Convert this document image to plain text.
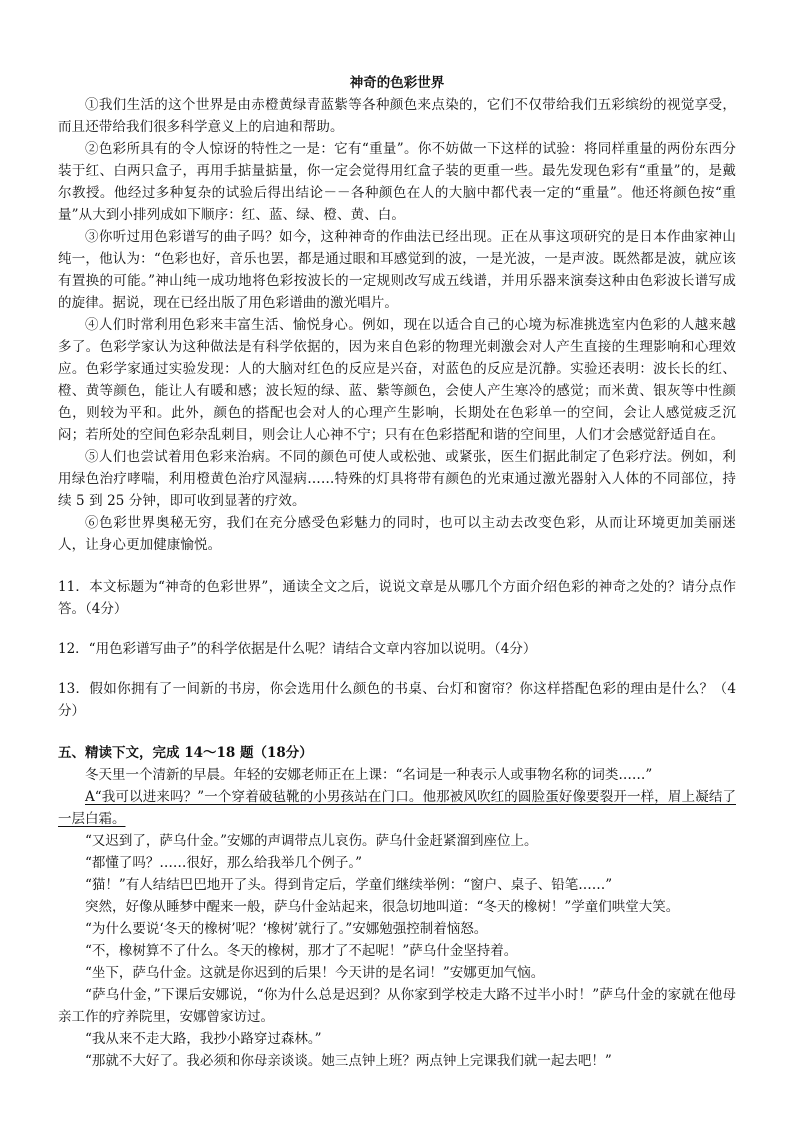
神奇的色彩世界

①我们生活的这个世界是由赤橙黄绿青蓝紫等各种颜色来点染的，它们不仅带给我们五彩缤纷的视觉享受，而且还带给我们很多科学意义上的启迪和帮助。

②色彩所具有的令人惊讶的特性之一是：它有“重量”。你不妨做一下这样的试验：将同样重量的两份东西分装于红、白两只盒子，再用手掂量掂量，你一定会觉得用红盒子装的更重一些。最先发现色彩有“重量”的，是戴尔教授。他经过多种复杂的试验后得出结论－－各种颜色在人的大脑中都代表一定的“重量”。他还将颜色按“重量”从大到小排列成如下顺序：红、蓝、绿、橙、黄、白。

③你听过用色彩谱写的曲子吗？如今，这种神奇的作曲法已经出现。正在从事这项研究的是日本作曲家神山纯一，他认为：“色彩也好，音乐也罢，都是通过眼和耳感觉到的波，一是光波，一是声波。既然都是波，就应该有置换的可能。”神山纯一成功地将色彩按波长的一定规则改写成五线谱，并用乐器来演奏这种由色彩波长谱写成的旋律。据说，现在已经出版了用色彩谱曲的激光唱片。

④人们时常利用色彩来丰富生活、愉悦身心。例如，现在以适合自己的心境为标准挑选室内色彩的人越来越多了。色彩学家认为这种做法是有科学依据的，因为来自色彩的物理光刺激会对人产生直接的生理影响和心理效应。色彩学家通过实验发现：人的大脑对红色的反应是兴奋，对蓝色的反应是沉静。实验还表明：波长长的红、橙、黄等颜色，能让人有暖和感；波长短的绿、蓝、紫等颜色，会使人产生寒冷的感觉；而米黄、银灰等中性颜色，则较为平和。此外，颜色的搭配也会对人的心理产生影响，长期处在色彩单一的空间，会让人感觉疲乏沉闷；若所处的空间色彩杂乱刺目，则会让人心神不宁；只有在色彩搭配和谐的空间里，人们才会感觉舒适自在。

⑤人们也尝试着用色彩来治病。不同的颜色可使人或松弛、或紧张，医生们据此制定了色彩疗法。例如，利用绿色治疗哮喘，利用橙黄色治疗风湿病……特殊的灯具将带有颜色的光束通过激光器射入人体的不同部位，持续 5 到 25 分钟，即可收到显著的疗效。

⑥色彩世界奥秘无穷，我们在充分感受色彩魅力的同时，也可以主动去改变色彩，从而让环境更加美丽迷人，让身心更加健康愉悦。

11．本文标题为“神奇的色彩世界”，通读全文之后，说说文章是从哪几个方面介绍色彩的神奇之处的？请分点作答。（4分）

12．“用色彩谱写曲子”的科学依据是什么呢？请结合文章内容加以说明。（4分）

13．假如你拥有了一间新的书房，你会选用什么颜色的书桌、台灯和窗帘？你这样搭配色彩的理由是什么？（4分）

五、精读下文，完成 14～18 题（18分）

冬天里一个清新的早晨。年轻的安娜老师正在上课：“名词是一种表示人或事物名称的词类……”

A“我可以进来吗？”一个穿着破毡靴的小男孩站在门口。他那被风吹红的圆脸蛋好像要裂开一样，眉上凝结了一层白霜。

“又迟到了，萨乌什金。”安娜的声调带点儿哀伤。萨乌什金赶紧溜到座位上。

“都懂了吗？……很好，那么给我举几个例子。”

“猫！”有人结结巴巴地开了头。得到肯定后，学童们继续举例：“窗户、桌子、铅笔……”

突然，好像从睡梦中醒来一般，萨乌什金站起来，很急切地叫道：“冬天的橡树！”学童们哄堂大笑。

“为什么要说‘冬天的橡树’呢？‘橡树’就行了。”安娜勉强控制着恼怒。

“不，橡树算不了什么。冬天的橡树，那才了不起呢！”萨乌什金坚持着。

“坐下，萨乌什金。这就是你迟到的后果！今天讲的是名词！”安娜更加气恼。

“萨乌什金，”下课后安娜说，“你为什么总是迟到？从你家到学校走大路不过半小时！”萨乌什金的家就在他母亲工作的疗养院里，安娜曾家访过。

“我从来不走大路，我抄小路穿过森林。”

“那就不大好了。我必须和你母亲谈谈。她三点钟上班？两点钟上完课我们就一起去吧！”
